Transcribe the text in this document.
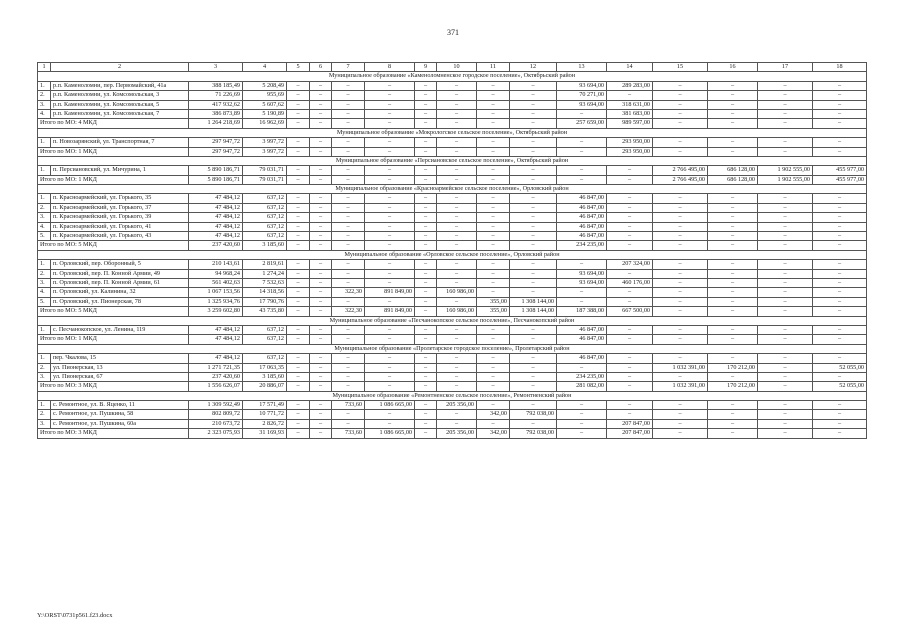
371
1	2	3	4	5	6	7	8	9	10	11	12	13	14	15	16	17	18
Муниципальное образование «Каменоломненское городское поселение», Октябрьский район																	
1.	р.п. Каменоломни, пер. Первомайский, 41а	388 185,49	5 208,49	–	–	–	–	–	–	–	–	93 694,00	289 283,00	–	–	–	–
2.	р.п. Каменоломни, ул. Комсомольская, 3	71 226,69	955,69	–	–	–	–	–	–	–	–	70 271,00	–	–	–	–	–
3.	р.п. Каменоломни, ул. Комсомольская, 5	417 932,62	5 607,62	–	–	–	–	–	–	–	–	93 694,00	318 631,00	–	–	–	–
4.	р.п. Каменоломни, ул. Комсомольская, 7	386 873,89	5 190,89	–	–	–	–	–	–	–	–	–	381 683,00	–	–	–	–
Итого по МО: 4 МКД		1 264 218,69	16 962,69	–	–	–	–	–	–	–	–	257 659,00	989 597,00	–	–	–	–
Муниципальное образование «Мокрологское сельское поселение», Октябрьский район																	
1.	п. Новозарянский, ул. Транспортная, 7	297 947,72	3 997,72	–	–	–	–	–	–	–	–	–	293 950,00	–	–	–	–
Итого по МО: 1 МКД		297 947,72	3 997,72	–	–	–	–	–	–	–	–	–	293 950,00	–	–	–	–
Муниципальное образование «Персиановское сельское поселение», Октябрьский район																	
1.	п. Персиановский, ул. Мичурина, 1	5 890 186,71	79 031,71	–	–	–	–	–	–	–	–	–	–	2 766 495,00	686 128,00	1 902 555,00	455 977,00
Итого по МО: 1 МКД		5 890 186,71	79 031,71	–	–	–	–	–	–	–	–	–	–	2 766 495,00	686 128,00	1 902 555,00	455 977,00
Муниципальное образование «Красноармейское сельское поселение», Орловский район																	
1.	п. Красноармейский, ул. Горького, 35	47 484,12	637,12	–	–	–	–	–	–	–	–	46 847,00	–	–	–	–	–
2.	п. Красноармейский, ул. Горького, 37	47 484,12	637,12	–	–	–	–	–	–	–	–	46 847,00	–	–	–	–	–
3.	п. Красноармейский, ул. Горького, 39	47 484,12	637,12	–	–	–	–	–	–	–	–	46 847,00	–	–	–	–	–
4.	п. Красноармейский, ул. Горького, 41	47 484,12	637,12	–	–	–	–	–	–	–	–	46 847,00	–	–	–	–	–
5.	п. Красноармейский, ул. Горького, 43	47 484,12	637,12	–	–	–	–	–	–	–	–	46 847,00	–	–	–	–	–
Итого по МО: 5 МКД		237 420,60	3 185,60	–	–	–	–	–	–	–	–	234 235,00	–	–	–	–	–
Муниципальное образование «Орловское сельское поселение», Орловский район																	
1.	п. Орловский, пер. Оборонный, 5	210 143,61	2 819,61	–	–	–	–	–	–	–	–	–	207 324,00	–	–	–	–
2.	п. Орловский, пер. П. Конной Армии, 49	94 968,24	1 274,24	–	–	–	–	–	–	–	–	93 694,00	–	–	–	–	–
3.	п. Орловский, пер. П. Конной Армии, 61	561 402,63	7 532,63	–	–	–	–	–	–	–	–	93 694,00	460 176,00	–	–	–	–
4.	п. Орловский, ул. Калинина, 32	1 067 153,56	14 318,56	–	–	322,30	891 849,00	–	160 986,00	–	–	–	–	–	–	–	–
5.	п. Орловский, ул. Пионерская, 78	1 325 934,76	17 790,76	–	–	–	–	–	–	355,00	1 308 144,00	–	–	–	–	–	–
Итого по МО: 5 МКД		3 259 602,80	43 735,80	–	–	322,30	891 849,00	–	160 986,00	355,00	1 308 144,00	187 388,00	667 500,00	–	–	–	–
Муниципальное образование «Песчанокопское сельское поселение», Песчанокопский район																	
1.	с. Песчанокопское, ул. Ленина, 119	47 484,12	637,12	–	–	–	–	–	–	–	–	46 847,00	–	–	–	–	–
Итого по МО: 1 МКД		47 484,12	637,12	–	–	–	–	–	–	–	–	46 847,00	–	–	–	–	–
Муниципальное образование «Пролетарское городское поселение», Пролетарский район																	
1.	пер. Чкалова, 15	47 484,12	637,12	–	–	–	–	–	–	–	–	46 847,00	–	–	–	–	–
2.	ул. Пионерская, 13	1 271 721,35	17 063,35	–	–	–	–	–	–	–	–	–	–	1 032 391,00	170 212,00	–	52 055,00
3.	ул. Пионерская, 67	237 420,60	3 185,60	–	–	–	–	–	–	–	–	234 235,00	–	–	–	–	–
Итого по МО: 3 МКД		1 556 626,07	20 886,07	–	–	–	–	–	–	–	–	281 082,00	–	1 032 391,00	170 212,00	–	52 055,00
Муниципальное образование «Ремонтненское сельское поселение», Ремонтненский район																	
1.	с. Ремонтное, ул. В. Яценко, 11	1 309 592,49	17 571,49	–	–	733,60	1 086 665,00	–	205 356,00	–	–	–	–	–	–	–	–
2.	с. Ремонтное, ул. Пушкина, 58	802 809,72	10 771,72	–	–	–	–	–	–	342,00	792 038,00	–	–	–	–	–	–
3.	с. Ремонтное, ул. Пушкина, 60а	210 673,72	2 826,72	–	–	–	–	–	–	–	–	–	207 847,00	–	–	–	–
Итого по МО: 3 МКД		2 323 075,93	31 169,93	–	–	733,60	1 086 665,00	–	205 356,00	342,00	792 038,00	–	207 847,00	–	–	–	–
Y:\ORST\0731p561.f23.docx
